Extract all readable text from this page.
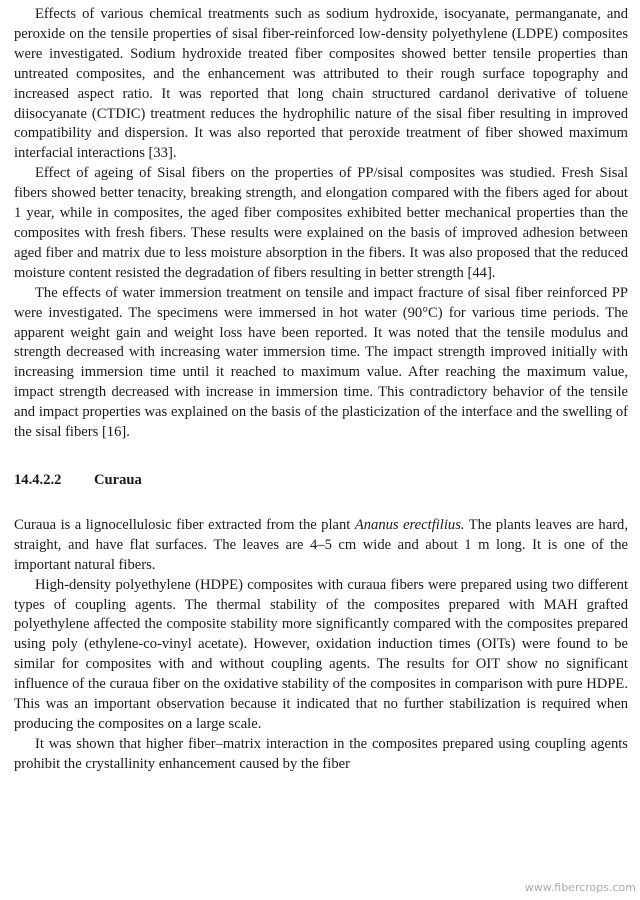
Effects of various chemical treatments such as sodium hydroxide, isocyanate, permanganate, and peroxide on the tensile properties of sisal fiber-reinforced low-density polyethylene (LDPE) composites were investigated. Sodium hydroxide treated fiber composites showed better tensile properties than untreated composites, and the enhancement was attributed to their rough surface topography and increased aspect ratio. It was reported that long chain structured cardanol derivative of toluene diisocyanate (CTDIC) treatment reduces the hydrophilic nature of the sisal fiber resulting in improved compatibility and dispersion. It was also reported that peroxide treatment of fiber showed maximum interfacial interactions [33].

Effect of ageing of Sisal fibers on the properties of PP/sisal composites was studied. Fresh Sisal fibers showed better tenacity, breaking strength, and elongation compared with the fibers aged for about 1 year, while in composites, the aged fiber composites exhibited better mechanical properties than the composites with fresh fibers. These results were explained on the basis of improved adhesion between aged fiber and matrix due to less moisture absorption in the fibers. It was also proposed that the reduced moisture content resisted the degradation of fibers resulting in better strength [44].

The effects of water immersion treatment on tensile and impact fracture of sisal fiber reinforced PP were investigated. The specimens were immersed in hot water (90°C) for various time periods. The apparent weight gain and weight loss have been reported. It was noted that the tensile modulus and strength decreased with increasing water immersion time. The impact strength improved initially with increasing immersion time until it reached to maximum value. After reaching the maximum value, impact strength decreased with increase in immersion time. This contradictory behavior of the tensile and impact properties was explained on the basis of the plasticization of the interface and the swelling of the sisal fibers [16].

14.4.2.2	Curaua

Curaua is a lignocellulosic fiber extracted from the plant Ananus erectfilius. The plants leaves are hard, straight, and have flat surfaces. The leaves are 4–5 cm wide and about 1 m long. It is one of the important natural fibers.

High-density polyethylene (HDPE) composites with curaua fibers were prepared using two different types of coupling agents. The thermal stability of the composites prepared with MAH grafted polyethylene affected the composite stability more significantly compared with the composites prepared using poly (ethylene-co-vinyl acetate). However, oxidation induction times (OITs) were found to be similar for composites with and without coupling agents. The results for OIT show no significant influence of the curaua fiber on the oxidative stability of the composites in comparison with pure HDPE. This was an important observation because it indicated that no further stabilization is required when producing the composites on a large scale.

It was shown that higher fiber–matrix interaction in the composites prepared using coupling agents prohibit the crystallinity enhancement caused by the fiber

www.fibercrops.com
